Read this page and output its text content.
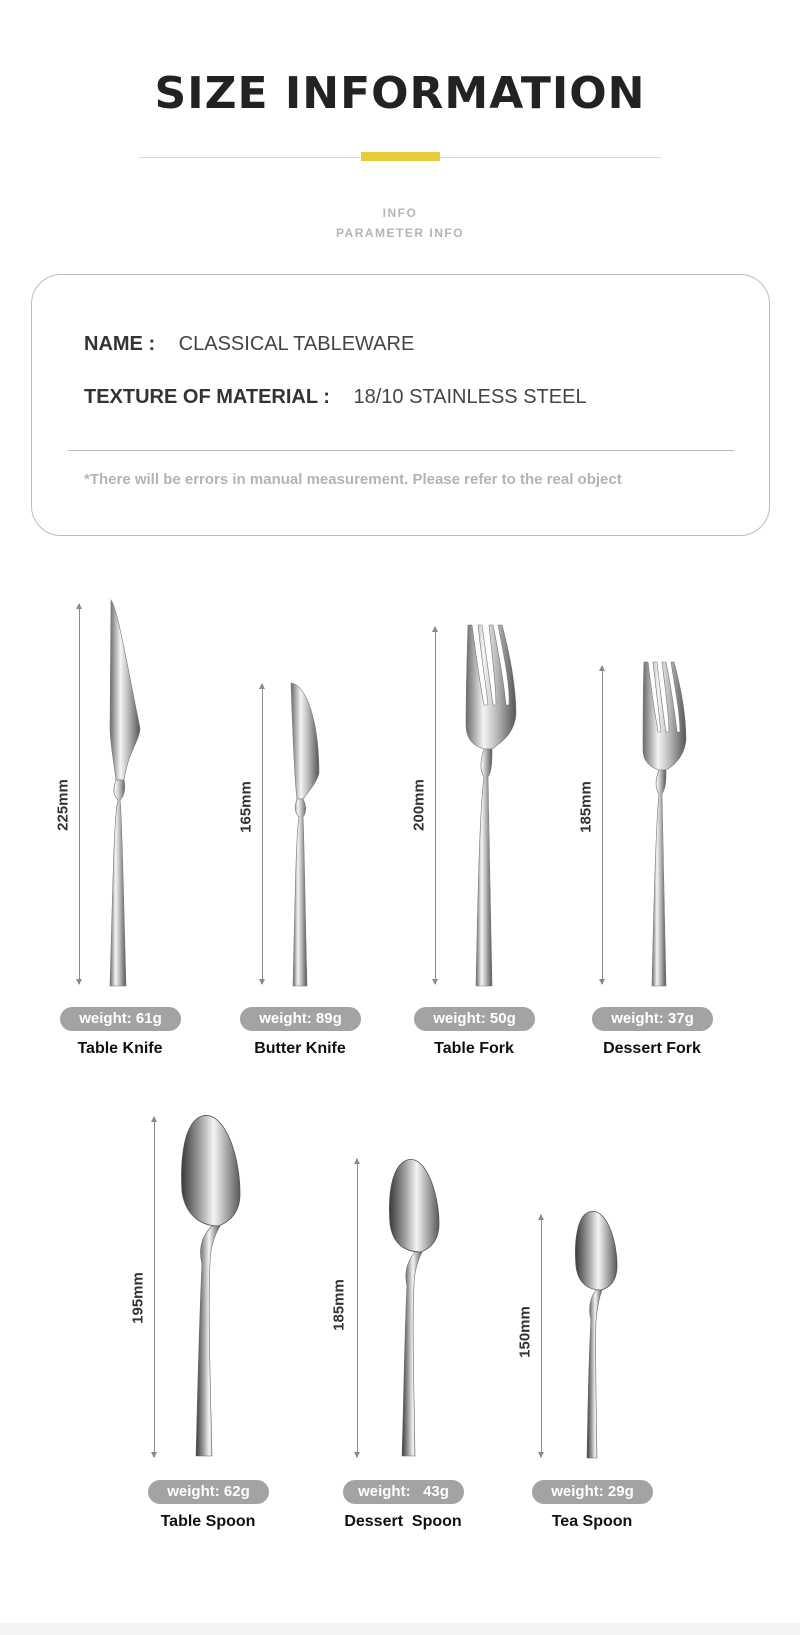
SIZE INFORMATION
INFO
PARAMETER INFO
NAME : CLASSICAL TABLEWARE
TEXTURE OF MATERIAL : 18/10 STAINLESS STEEL
*There will be errors in manual measurement. Please refer to the real object
225mm
weight: 61g
Table Knife
165mm
weight: 89g
Butter Knife
200mm
weight: 50g
Table Fork
185mm
weight: 37g
Dessert Fork
195mm
weight: 62g
Table Spoon
185mm
weight:   43g
Dessert  Spoon
150mm
weight: 29g
Tea Spoon
